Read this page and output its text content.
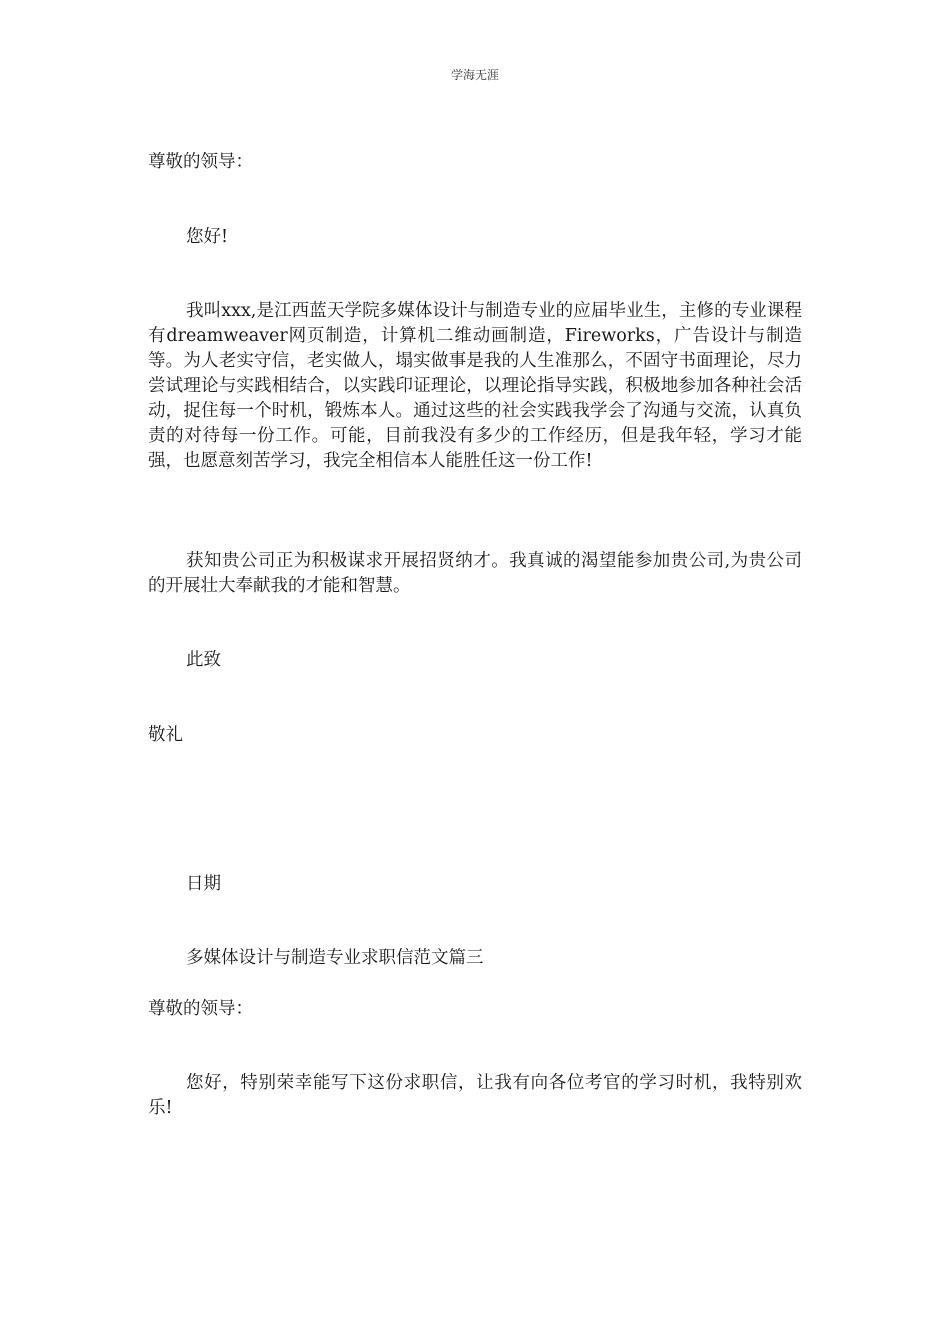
学海无涯

尊敬的领导：

您好!

我叫xxx,是江西蓝天学院多媒体设计与制造专业的应届毕业生，主修的专业课程有dreamweaver网页制造，计算机二维动画制造，Fireworks，广告设计与制造等。为人老实守信，老实做人，塌实做事是我的人生准那么，不固守书面理论，尽力尝试理论与实践相结合，以实践印证理论，以理论指导实践，积极地参加各种社会活动，捉住每一个时机，锻炼本人。通过这些的社会实践我学会了沟通与交流，认真负责的对待每一份工作。可能，目前我没有多少的工作经历，但是我年轻，学习才能强，也愿意刻苦学习，我完全相信本人能胜任这一份工作!

获知贵公司正为积极谋求开展招贤纳才。我真诚的渴望能参加贵公司,为贵公司的开展壮大奉献我的才能和智慧。

此致

敬礼

日期

多媒体设计与制造专业求职信范文篇三

尊敬的领导：

您好，特别荣幸能写下这份求职信，让我有向各位考官的学习时机，我特别欢乐!
